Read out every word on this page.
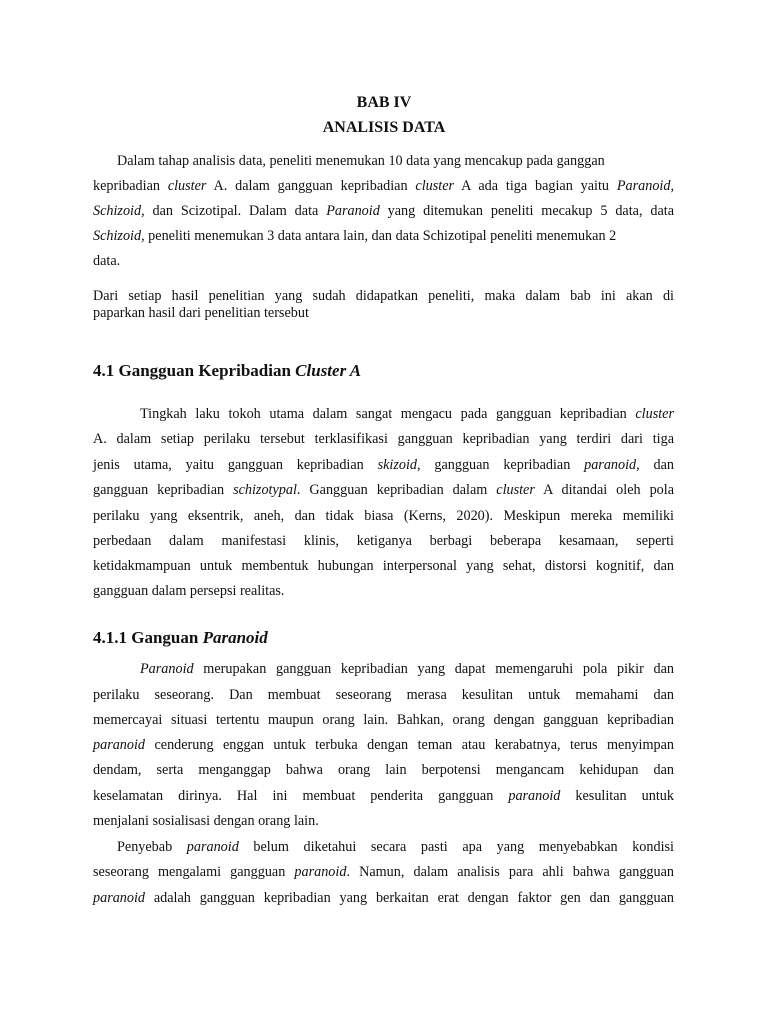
BAB IV
ANALISIS DATA
Dalam tahap analisis data, peneliti menemukan 10 data yang mencakup pada ganggan
kepribadian cluster A. dalam gangguan kepribadian cluster A ada tiga bagian yaitu Paranoid,
Schizoid, dan Scizotipal. Dalam data Paranoid yang ditemukan peneliti mecakup 5 data, data
Schizoid, peneliti menemukan 3 data antara lain, dan data Schizotipal peneliti menemukan 2
data.
Dari setiap hasil penelitian yang sudah didapatkan peneliti, maka dalam bab ini akan di
paparkan hasil dari penelitian tersebut
4.1 Gangguan Kepribadian Cluster A
Tingkah laku tokoh utama dalam sangat mengacu pada gangguan kepribadian cluster
A. dalam setiap perilaku tersebut terklasifikasi gangguan kepribadian yang terdiri dari tiga
jenis utama, yaitu gangguan kepribadian skizoid, gangguan kepribadian paranoid, dan
gangguan kepribadian schizotypal. Gangguan kepribadian dalam cluster A ditandai oleh pola
perilaku yang eksentrik, aneh, dan tidak biasa (Kerns, 2020). Meskipun mereka memiliki
perbedaan dalam manifestasi klinis, ketiganya berbagi beberapa kesamaan, seperti
ketidakmampuan untuk membentuk hubungan interpersonal yang sehat, distorsi kognitif, dan
gangguan dalam persepsi realitas.
4.1.1 Ganguan Paranoid
Paranoid merupakan gangguan kepribadian yang dapat memengaruhi pola pikir dan
perilaku seseorang. Dan membuat seseorang merasa kesulitan untuk memahami dan
memercayai situasi tertentu maupun orang lain. Bahkan, orang dengan gangguan kepribadian
paranoid cenderung enggan untuk terbuka dengan teman atau kerabatnya, terus menyimpan
dendam, serta menganggap bahwa orang lain berpotensi mengancam kehidupan dan
keselamatan dirinya. Hal ini membuat penderita gangguan paranoid kesulitan untuk
menjalani sosialisasi dengan orang lain.
Penyebab paranoid belum diketahui secara pasti apa yang menyebabkan kondisi
seseorang mengalami gangguan paranoid. Namun, dalam analisis para ahli bahwa gangguan
paranoid adalah gangguan kepribadian yang berkaitan erat dengan faktor gen dan gangguan
